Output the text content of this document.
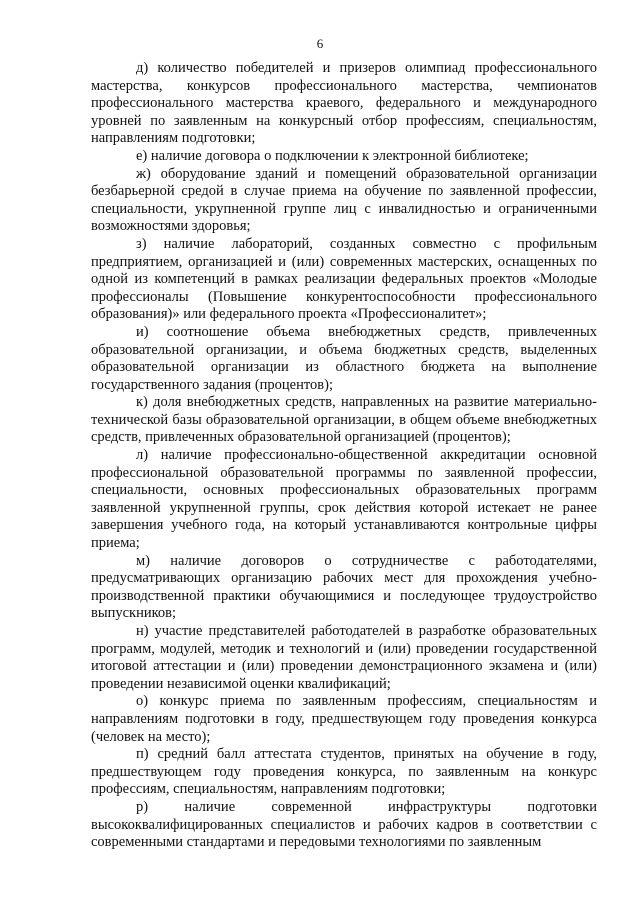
6

д) количество победителей и призеров олимпиад профессионального мастерства, конкурсов профессионального мастерства, чемпионатов профессионального мастерства краевого, федерального и международного уровней по заявленным на конкурсный отбор профессиям, специальностям, направлениям подготовки;

е) наличие договора о подключении к электронной библиотеке;

ж) оборудование зданий и помещений образовательной организации безбарьерной средой в случае приема на обучение по заявленной профессии, специальности, укрупненной группе лиц с инвалидностью и ограниченными возможностями здоровья;

з) наличие лабораторий, созданных совместно с профильным предприятием, организацией и (или) современных мастерских, оснащенных по одной из компетенций в рамках реализации федеральных проектов «Молодые профессионалы (Повышение конкурентоспособности профессионального образования)» или федерального проекта «Профессионалитет»;

и) соотношение объема внебюджетных средств, привлеченных образовательной организации, и объема бюджетных средств, выделенных образовательной организации из областного бюджета на выполнение государственного задания (процентов);

к) доля внебюджетных средств, направленных на развитие материально-технической базы образовательной организации, в общем объеме внебюджетных средств, привлеченных образовательной организацией (процентов);

л) наличие профессионально-общественной аккредитации основной профессиональной образовательной программы по заявленной профессии, специальности, основных профессиональных образовательных программ заявленной укрупненной группы, срок действия которой истекает не ранее завершения учебного года, на который устанавливаются контрольные цифры приема;

м) наличие договоров о сотрудничестве с работодателями, предусматривающих организацию рабочих мест для прохождения учебно-производственной практики обучающимися и последующее трудоустройство выпускников;

н) участие представителей работодателей в разработке образовательных программ, модулей, методик и технологий и (или) проведении государственной итоговой аттестации и (или) проведении демонстрационного экзамена и (или) проведении независимой оценки квалификаций;

о) конкурс приема по заявленным профессиям, специальностям и направлениям подготовки в году, предшествующем году проведения конкурса (человек на место);

п) средний балл аттестата студентов, принятых на обучение в году, предшествующем году проведения конкурса, по заявленным на конкурс профессиям, специальностям, направлениям подготовки;

р) наличие современной инфраструктуры подготовки высококвалифицированных специалистов и рабочих кадров в соответствии с современными стандартами и передовыми технологиями по заявленным
